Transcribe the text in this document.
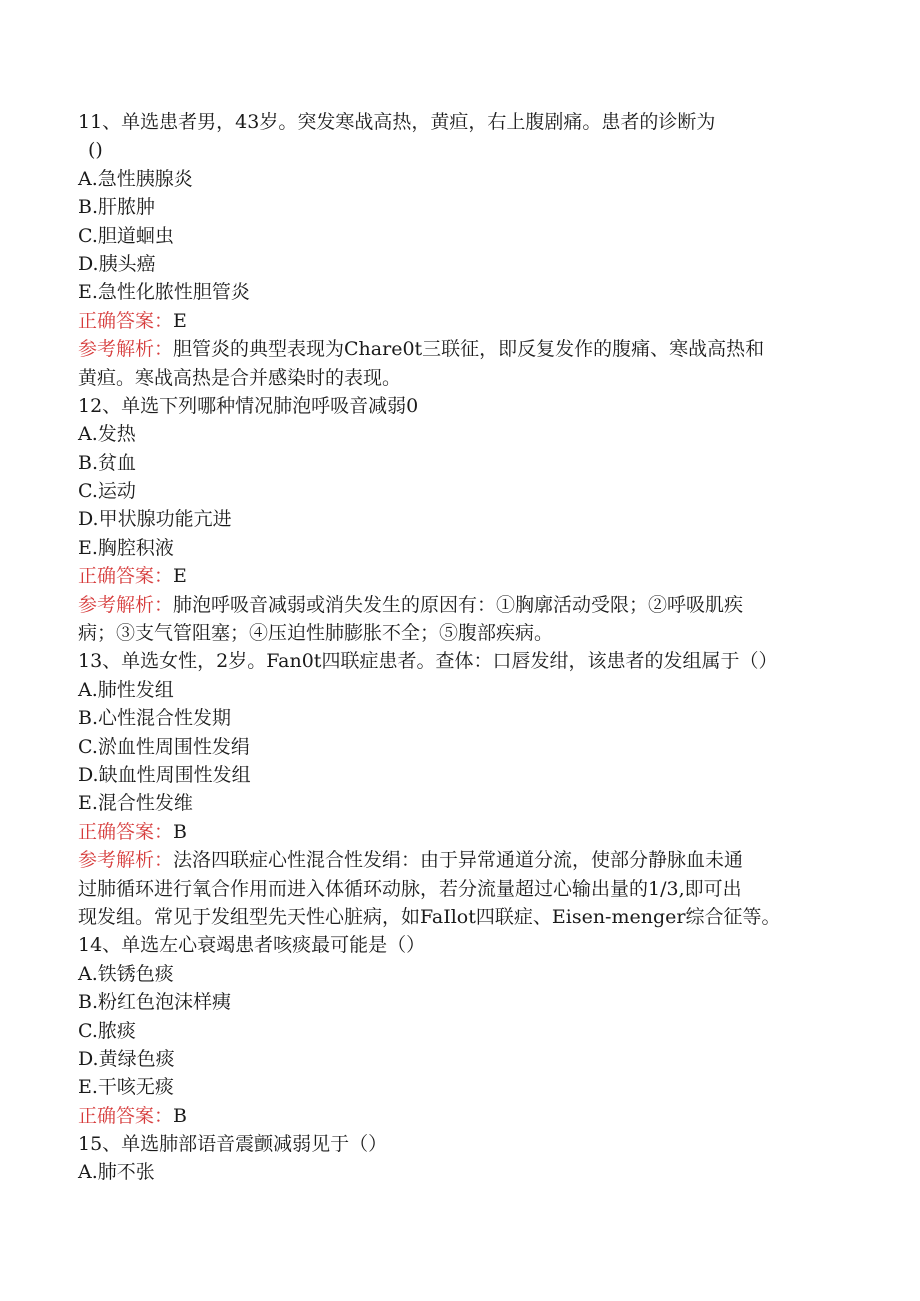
11、单选患者男，43岁。突发寒战高热，黄疸，右上腹剧痛。患者的诊断为
()
A.急性胰腺炎
B.肝脓肿
C.胆道蛔虫
D.胰头癌
E.急性化脓性胆管炎
正确答案：E
参考解析：胆管炎的典型表现为Chare0t三联征，即反复发作的腹痛、寒战高热和
黄疸。寒战高热是合并感染时的表现。
12、单选下列哪种情况肺泡呼吸音减弱0
A.发热
B.贫血
C.运动
D.甲状腺功能亢进
E.胸腔积液
正确答案：E
参考解析：肺泡呼吸音减弱或消失发生的原因有：①胸廓活动受限；②呼吸肌疾
病；③支气管阻塞；④压迫性肺膨胀不全；⑤腹部疾病。
13、单选女性，2岁。Fan0t四联症患者。查体：口唇发绀，该患者的发组属于（）
A.肺性发组
B.心性混合性发期
C.淤血性周围性发绢
D.缺血性周围性发组
E.混合性发维
正确答案：B
参考解析：法洛四联症心性混合性发绢：由于异常通道分流，使部分静脉血未通
过肺循环进行氧合作用而进入体循环动脉，若分流量超过心输出量的1/3,即可出
现发组。常见于发组型先天性心脏病，如FaIlot四联症、Eisen-menger综合征等。
14、单选左心衰竭患者咳痰最可能是（）
A.铁锈色痰
B.粉红色泡沫样痍
C.脓痰
D.黄绿色痰
E.干咳无痰
正确答案：B
15、单选肺部语音震颤减弱见于（）
A.肺不张
